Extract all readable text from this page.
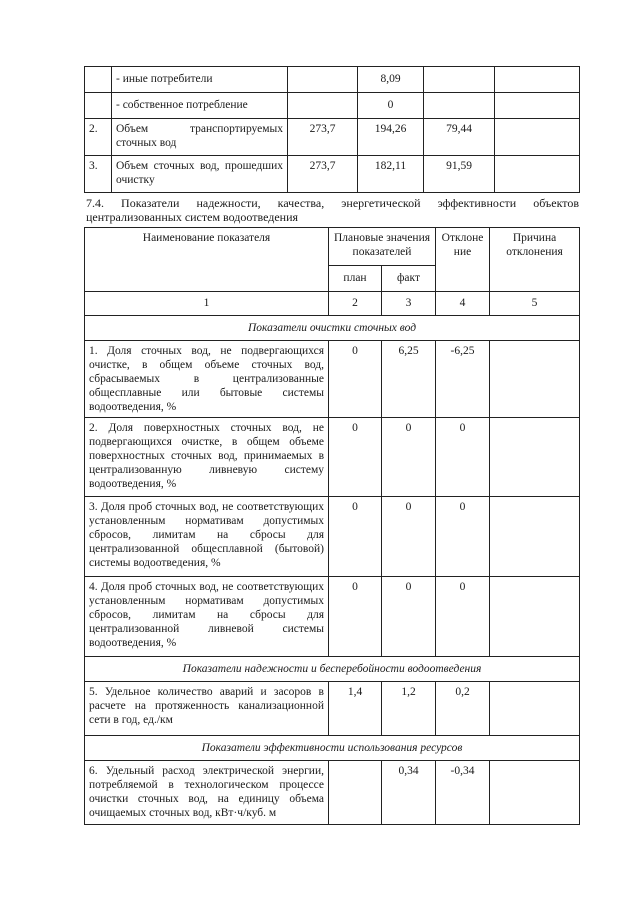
	- иные потребители		8,09		
	- собственное потребление		0		
2.	Объем транспортируемых сточных вод	273,7	194,26	79,44	
3.	Объем сточных вод, прошедших очистку	273,7	182,11	91,59	
7.4. Показатели надежности, качества, энергетической эффективности объектов
централизованных систем водоотведения
Наименование показателя	Плановые значения показателей		Отклоне ние	Причина отклонения
	план	факт		
1	2	3	4	5
Показатели очистки сточных вод				
1. Доля сточных вод, не подвергающихся очистке, в общем объеме сточных вод, сбрасываемых в централизованные общесплавные или бытовые системы водоотведения, %	0	6,25	-6,25	
2. Доля поверхностных сточных вод, не подвергающихся очистке, в общем объеме поверхностных сточных вод, принимаемых в централизованную ливневую систему водоотведения, %	0	0	0	
3. Доля проб сточных вод, не соответствующих установленным нормативам допустимых сбросов, лимитам на сбросы для централизованной общесплавной (бытовой) системы водоотведения, %	0	0	0	
4. Доля проб сточных вод, не соответствующих установленным нормативам допустимых сбросов, лимитам на сбросы для централизованной ливневой системы водоотведения, %	0	0	0	
Показатели надежности и бесперебойности водоотведения				
5. Удельное количество аварий и засоров в расчете на протяженность канализационной сети в год, ед./км	1,4	1,2	0,2	
Показатели эффективности использования ресурсов				
6. Удельный расход электрической энергии, потребляемой в технологическом процессе очистки сточных вод, на единицу объема очищаемых сточных вод, кВт·ч/куб. м		0,34	-0,34	
